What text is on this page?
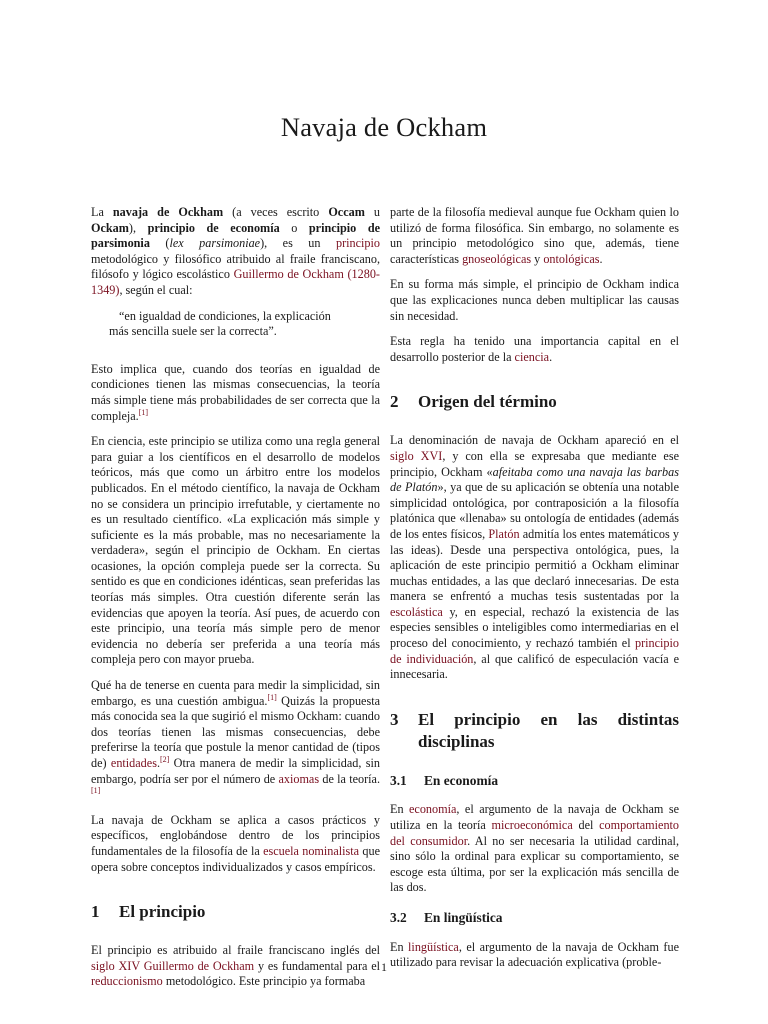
Navaja de Ockham

La navaja de Ockham (a veces escrito Occam u Ockam), principio de economía o principio de parsimonia (lex parsimoniae), es un principio metodológico y filosófico atribuido al fraile franciscano, filósofo y lógico escolástico Guillermo de Ockham (1280-1349), según el cual:

“en igualdad de condiciones, la explicación
más sencilla suele ser la correcta”.

Esto implica que, cuando dos teorías en igualdad de condiciones tienen las mismas consecuencias, la teoría más simple tiene más probabilidades de ser correcta que la compleja.[1]

En ciencia, este principio se utiliza como una regla general para guiar a los científicos en el desarrollo de modelos teóricos, más que como un árbitro entre los modelos publicados. En el método científico, la navaja de Ockham no se considera un principio irrefutable, y ciertamente no es un resultado científico. «La explicación más simple y suficiente es la más probable, mas no necesariamente la verdadera», según el principio de Ockham. En ciertas ocasiones, la opción compleja puede ser la correcta. Su sentido es que en condiciones idénticas, sean preferidas las teorías más simples. Otra cuestión diferente serán las evidencias que apoyen la teoría. Así pues, de acuerdo con este principio, una teoría más simple pero de menor evidencia no debería ser preferida a una teoría más compleja pero con mayor prueba.

Qué ha de tenerse en cuenta para medir la simplicidad, sin embargo, es una cuestión ambigua.[1] Quizás la propuesta más conocida sea la que sugirió el mismo Ockham: cuando dos teorías tienen las mismas consecuencias, debe preferirse la teoría que postule la menor cantidad de (tipos de) entidades.[2] Otra manera de medir la simplicidad, sin embargo, podría ser por el número de axiomas de la teoría.[1]

La navaja de Ockham se aplica a casos prácticos y específicos, englobándose dentro de los principios fundamentales de la filosofía de la escuela nominalista que opera sobre conceptos individualizados y casos empíricos.

1	El principio

El principio es atribuido al fraile franciscano inglés del siglo XIV Guillermo de Ockham y es fundamental para el reduccionismo metodológico. Este principio ya formaba

parte de la filosofía medieval aunque fue Ockham quien lo utilizó de forma filosófica. Sin embargo, no solamente es un principio metodológico sino que, además, tiene características gnoseológicas y ontológicas.

En su forma más simple, el principio de Ockham indica que las explicaciones nunca deben multiplicar las causas sin necesidad.

Esta regla ha tenido una importancia capital en el desarrollo posterior de la ciencia.

2	Origen del término

La denominación de navaja de Ockham apareció en el siglo XVI, y con ella se expresaba que mediante ese principio, Ockham «afeitaba como una navaja las barbas de Platón», ya que de su aplicación se obtenía una notable simplicidad ontológica, por contraposición a la filosofía platónica que «llenaba» su ontología de entidades (además de los entes físicos, Platón admitía los entes matemáticos y las ideas). Desde una perspectiva ontológica, pues, la aplicación de este principio permitió a Ockham eliminar muchas entidades, a las que declaró innecesarias. De esta manera se enfrentó a muchas tesis sustentadas por la escolástica y, en especial, rechazó la existencia de las especies sensibles o inteligibles como intermediarias en el proceso del conocimiento, y rechazó también el principio de individuación, al que calificó de especulación vacía e innecesaria.

3	El principio en las distintas disciplinas
3.1	En economía

En economía, el argumento de la navaja de Ockham se utiliza en la teoría microeconómica del comportamiento del consumidor. Al no ser necesaria la utilidad cardinal, sino sólo la ordinal para explicar su comportamiento, se escoge esta última, por ser la explicación más sencilla de las dos.

3.2	En lingüística

En lingüística, el argumento de la navaja de Ockham fue utilizado para revisar la adecuación explicativa (proble-

1
